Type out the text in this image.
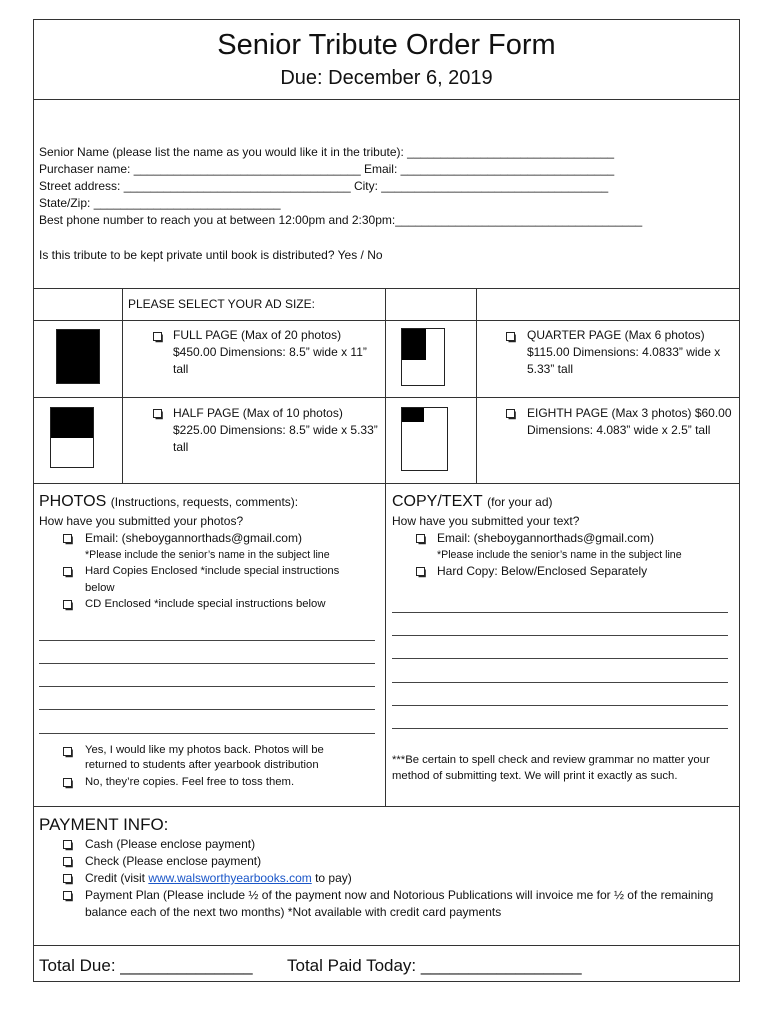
Senior Tribute Order Form
Due: December 6, 2019
Senior Name (please list the name as you would like it in the tribute): _______________________________
Purchaser name: __________________________________ Email: ________________________________
Street address: __________________________________ City: __________________________________
State/Zip: ____________________________
Best phone number to reach you at between 12:00pm and 2:30pm:_____________________________________
Is this tribute to be kept private until book is distributed? Yes / No
PLEASE SELECT YOUR AD SIZE:
FULL PAGE (Max of 20 photos) $450.00 Dimensions: 8.5” wide x 11” tall
QUARTER PAGE (Max 6 photos) $115.00 Dimensions: 4.0833” wide x 5.33” tall
HALF PAGE (Max of 10 photos) $225.00 Dimensions: 8.5” wide x 5.33” tall
EIGHTH PAGE (Max 3 photos) $60.00 Dimensions: 4.083” wide x 2.5” tall
PHOTOS (Instructions, requests, comments):
How have you submitted your photos?
Email: (sheboygannorthads@gmail.com)
*Please include the senior’s name in the subject line
Hard Copies Enclosed *include special instructions below
CD Enclosed *include special instructions below
Yes, I would like my photos back. Photos will be returned to students after yearbook distribution
No, they’re copies. Feel free to toss them.
COPY/TEXT (for your ad)
How have you submitted your text?
Email: (sheboygannorthads@gmail.com)
*Please include the senior’s name in the subject line
Hard Copy: Below/Enclosed Separately
***Be certain to spell check and review grammar no matter your method of submitting text. We will print it exactly as such.
PAYMENT INFO:
Cash (Please enclose payment)
Check (Please enclose payment)
Credit (visit www.walsworthyearbooks.com to pay)
Payment Plan (Please include ½ of the payment now and Notorious Publications will invoice me for ½ of the remaining balance each of the next two months) *Not available with credit card payments
Total Due: ______________ Total Paid Today: _________________
